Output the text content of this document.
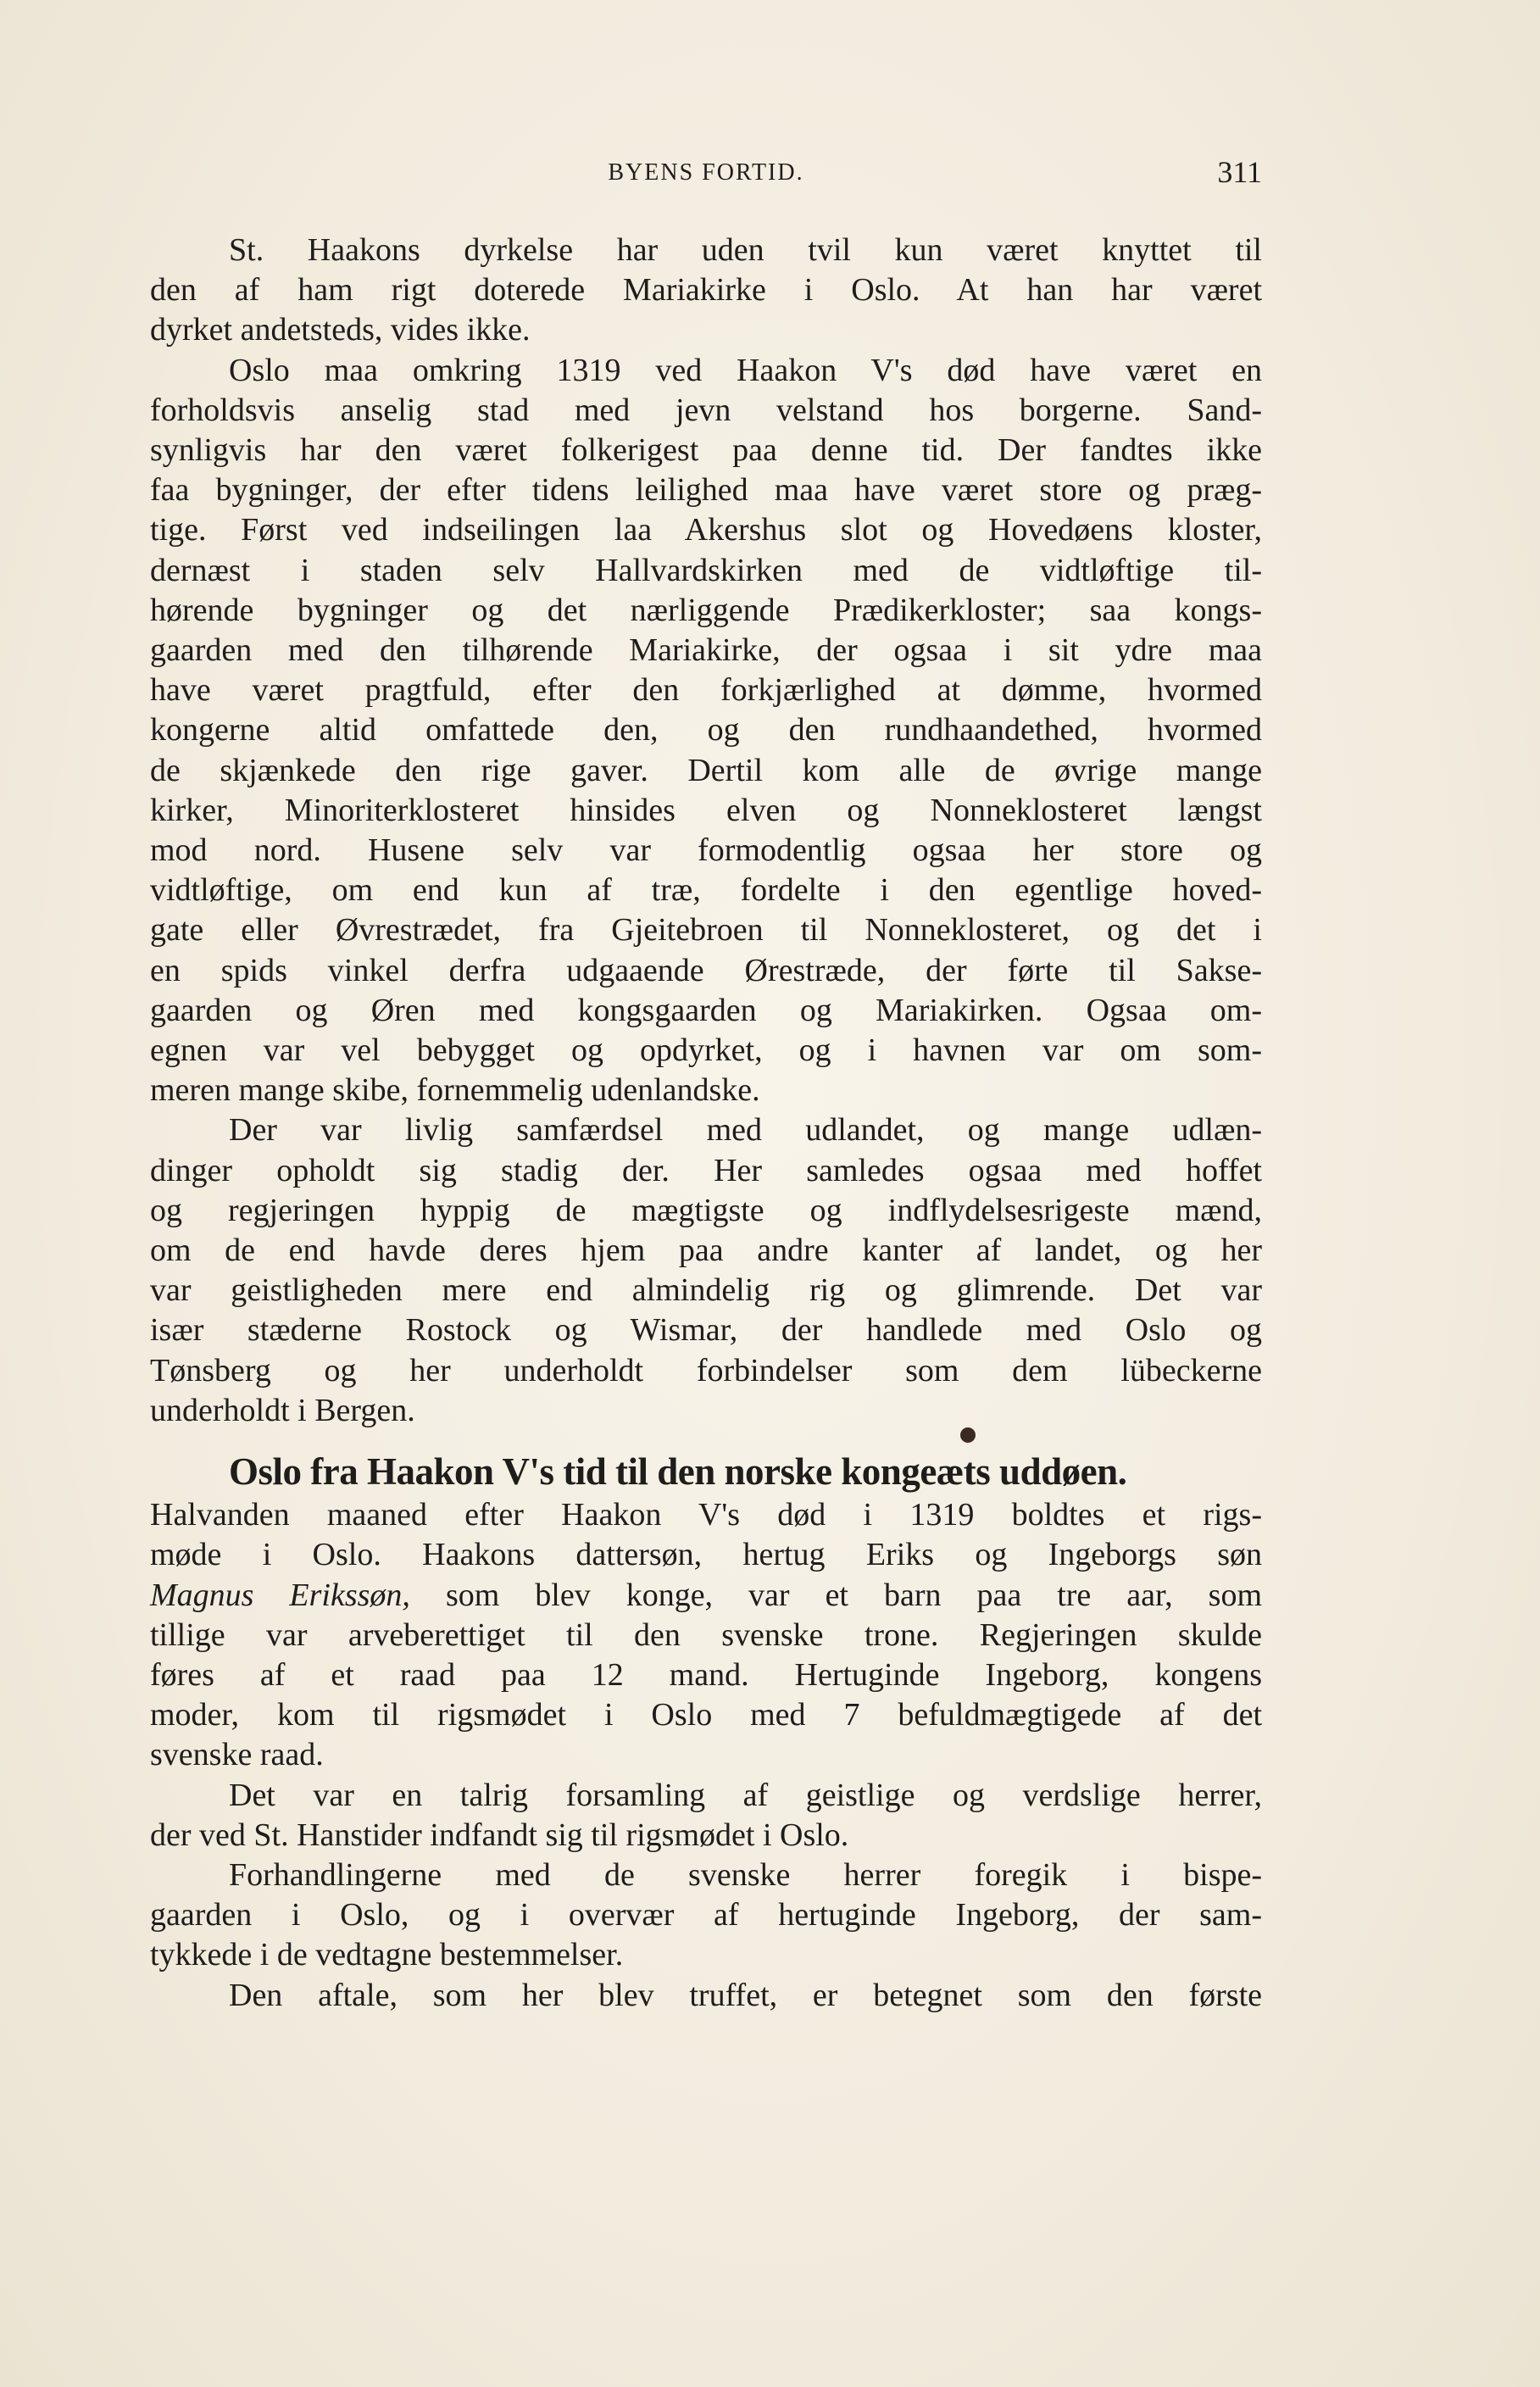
BYENS FORTID.	311
St. Haakons dyrkelse har uden tvil kun været knyttet til
den af ham rigt doterede Mariakirke i Oslo. At han har været
dyrket andetsteds, vides ikke.
Oslo maa omkring 1319 ved Haakon V's død have været en
forholdsvis anselig stad med jevn velstand hos borgerne. Sand-
synligvis har den været folkerigest paa denne tid. Der fandtes ikke
faa bygninger, der efter tidens leilighed maa have været store og præg-
tige. Først ved indseilingen laa Akershus slot og Hovedøens kloster,
dernæst i staden selv Hallvardskirken med de vidtløftige til-
hørende bygninger og det nærliggende Prædikerkloster; saa kongs-
gaarden med den tilhørende Mariakirke, der ogsaa i sit ydre maa
have været pragtfuld, efter den forkjærlighed at dømme, hvormed
kongerne altid omfattede den, og den rundhaandethed, hvormed
de skjænkede den rige gaver. Dertil kom alle de øvrige mange
kirker, Minoriterklosteret hinsides elven og Nonneklosteret længst
mod nord. Husene selv var formodentlig ogsaa her store og
vidtløftige, om end kun af træ, fordelte i den egentlige hoved-
gate eller Øvrestrædet, fra Gjeitebroen til Nonneklosteret, og det i
en spids vinkel derfra udgaaende Ørestræde, der førte til Sakse-
gaarden og Øren med kongsgaarden og Mariakirken. Ogsaa om-
egnen var vel bebygget og opdyrket, og i havnen var om som-
meren mange skibe, fornemmelig udenlandske.
Der var livlig samfærdsel med udlandet, og mange udlæn-
dinger opholdt sig stadig der. Her samledes ogsaa med hoffet
og regjeringen hyppig de mægtigste og indflydelsesrigeste mænd,
om de end havde deres hjem paa andre kanter af landet, og her
var geistligheden mere end almindelig rig og glimrende. Det var
især stæderne Rostock og Wismar, der handlede med Oslo og
Tønsberg og her underholdt forbindelser som dem lübeckerne
underholdt i Bergen.
Oslo fra Haakon V's tid til den norske kongeæts uddøen.
Halvanden maaned efter Haakon V's død i 1319 boldtes et rigs-
møde i Oslo. Haakons dattersøn, hertug Eriks og Ingeborgs søn
Magnus Erikssøn, som blev konge, var et barn paa tre aar, som
tillige var arveberettiget til den svenske trone. Regjeringen skulde
føres af et raad paa 12 mand. Hertuginde Ingeborg, kongens
moder, kom til rigsmødet i Oslo med 7 befuldmægtigede af det
svenske raad.
Det var en talrig forsamling af geistlige og verdslige herrer,
der ved St. Hanstider indfandt sig til rigsmødet i Oslo.
Forhandlingerne med de svenske herrer foregik i bispe-
gaarden i Oslo, og i overvær af hertuginde Ingeborg, der sam-
tykkede i de vedtagne bestemmelser.
Den aftale, som her blev truffet, er betegnet som den første
